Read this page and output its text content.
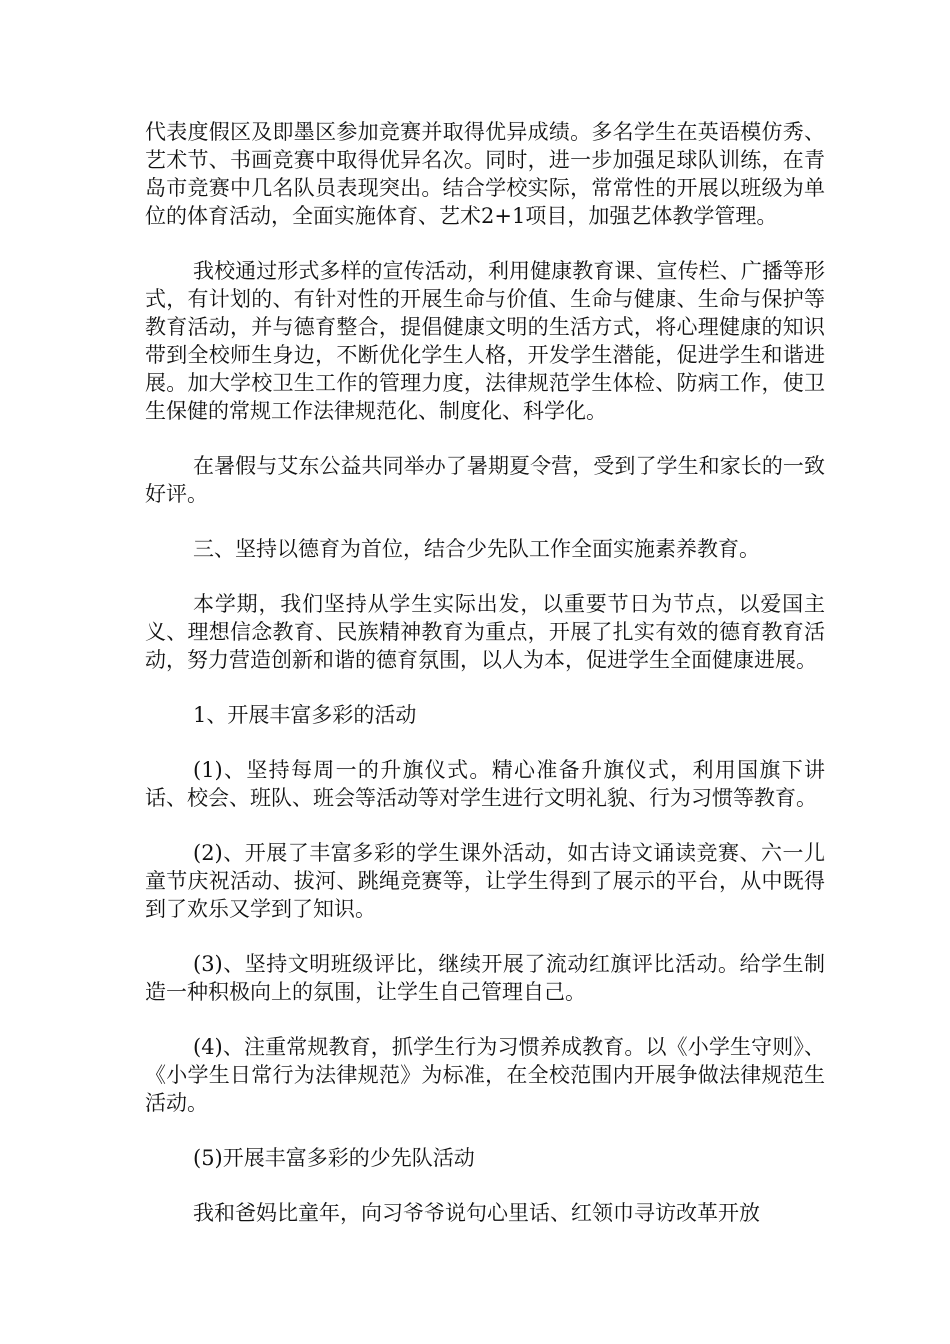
代表度假区及即墨区参加竞赛并取得优异成绩。多名学生在英语模仿秀、艺术节、书画竞赛中取得优异名次。同时，进一步加强足球队训练，在青岛市竞赛中几名队员表现突出。结合学校实际，常常性的开展以班级为单位的体育活动，全面实施体育、艺术2+1项目，加强艺体教学管理。

我校通过形式多样的宣传活动，利用健康教育课、宣传栏、广播等形式，有计划的、有针对性的开展生命与价值、生命与健康、生命与保护等教育活动，并与德育整合，提倡健康文明的生活方式，将心理健康的知识带到全校师生身边，不断优化学生人格，开发学生潜能，促进学生和谐进展。加大学校卫生工作的管理力度，法律规范学生体检、防病工作，使卫生保健的常规工作法律规范化、制度化、科学化。

在暑假与艾东公益共同举办了暑期夏令营，受到了学生和家长的一致好评。

三、坚持以德育为首位，结合少先队工作全面实施素养教育。

本学期，我们坚持从学生实际出发，以重要节日为节点，以爱国主义、理想信念教育、民族精神教育为重点，开展了扎实有效的德育教育活动，努力营造创新和谐的德育氛围，以人为本，促进学生全面健康进展。

1、开展丰富多彩的活动

(1)、坚持每周一的升旗仪式。精心准备升旗仪式，利用国旗下讲话、校会、班队、班会等活动等对学生进行文明礼貌、行为习惯等教育。

(2)、开展了丰富多彩的学生课外活动，如古诗文诵读竞赛、六一儿童节庆祝活动、拔河、跳绳竞赛等，让学生得到了展示的平台，从中既得到了欢乐又学到了知识。

(3)、坚持文明班级评比，继续开展了流动红旗评比活动。给学生制造一种积极向上的氛围，让学生自己管理自己。

(4)、注重常规教育，抓学生行为习惯养成教育。以《小学生守则》、《小学生日常行为法律规范》为标准，在全校范围内开展争做法律规范生活动。

(5)开展丰富多彩的少先队活动

我和爸妈比童年，向习爷爷说句心里话、红领巾寻访改革开放
